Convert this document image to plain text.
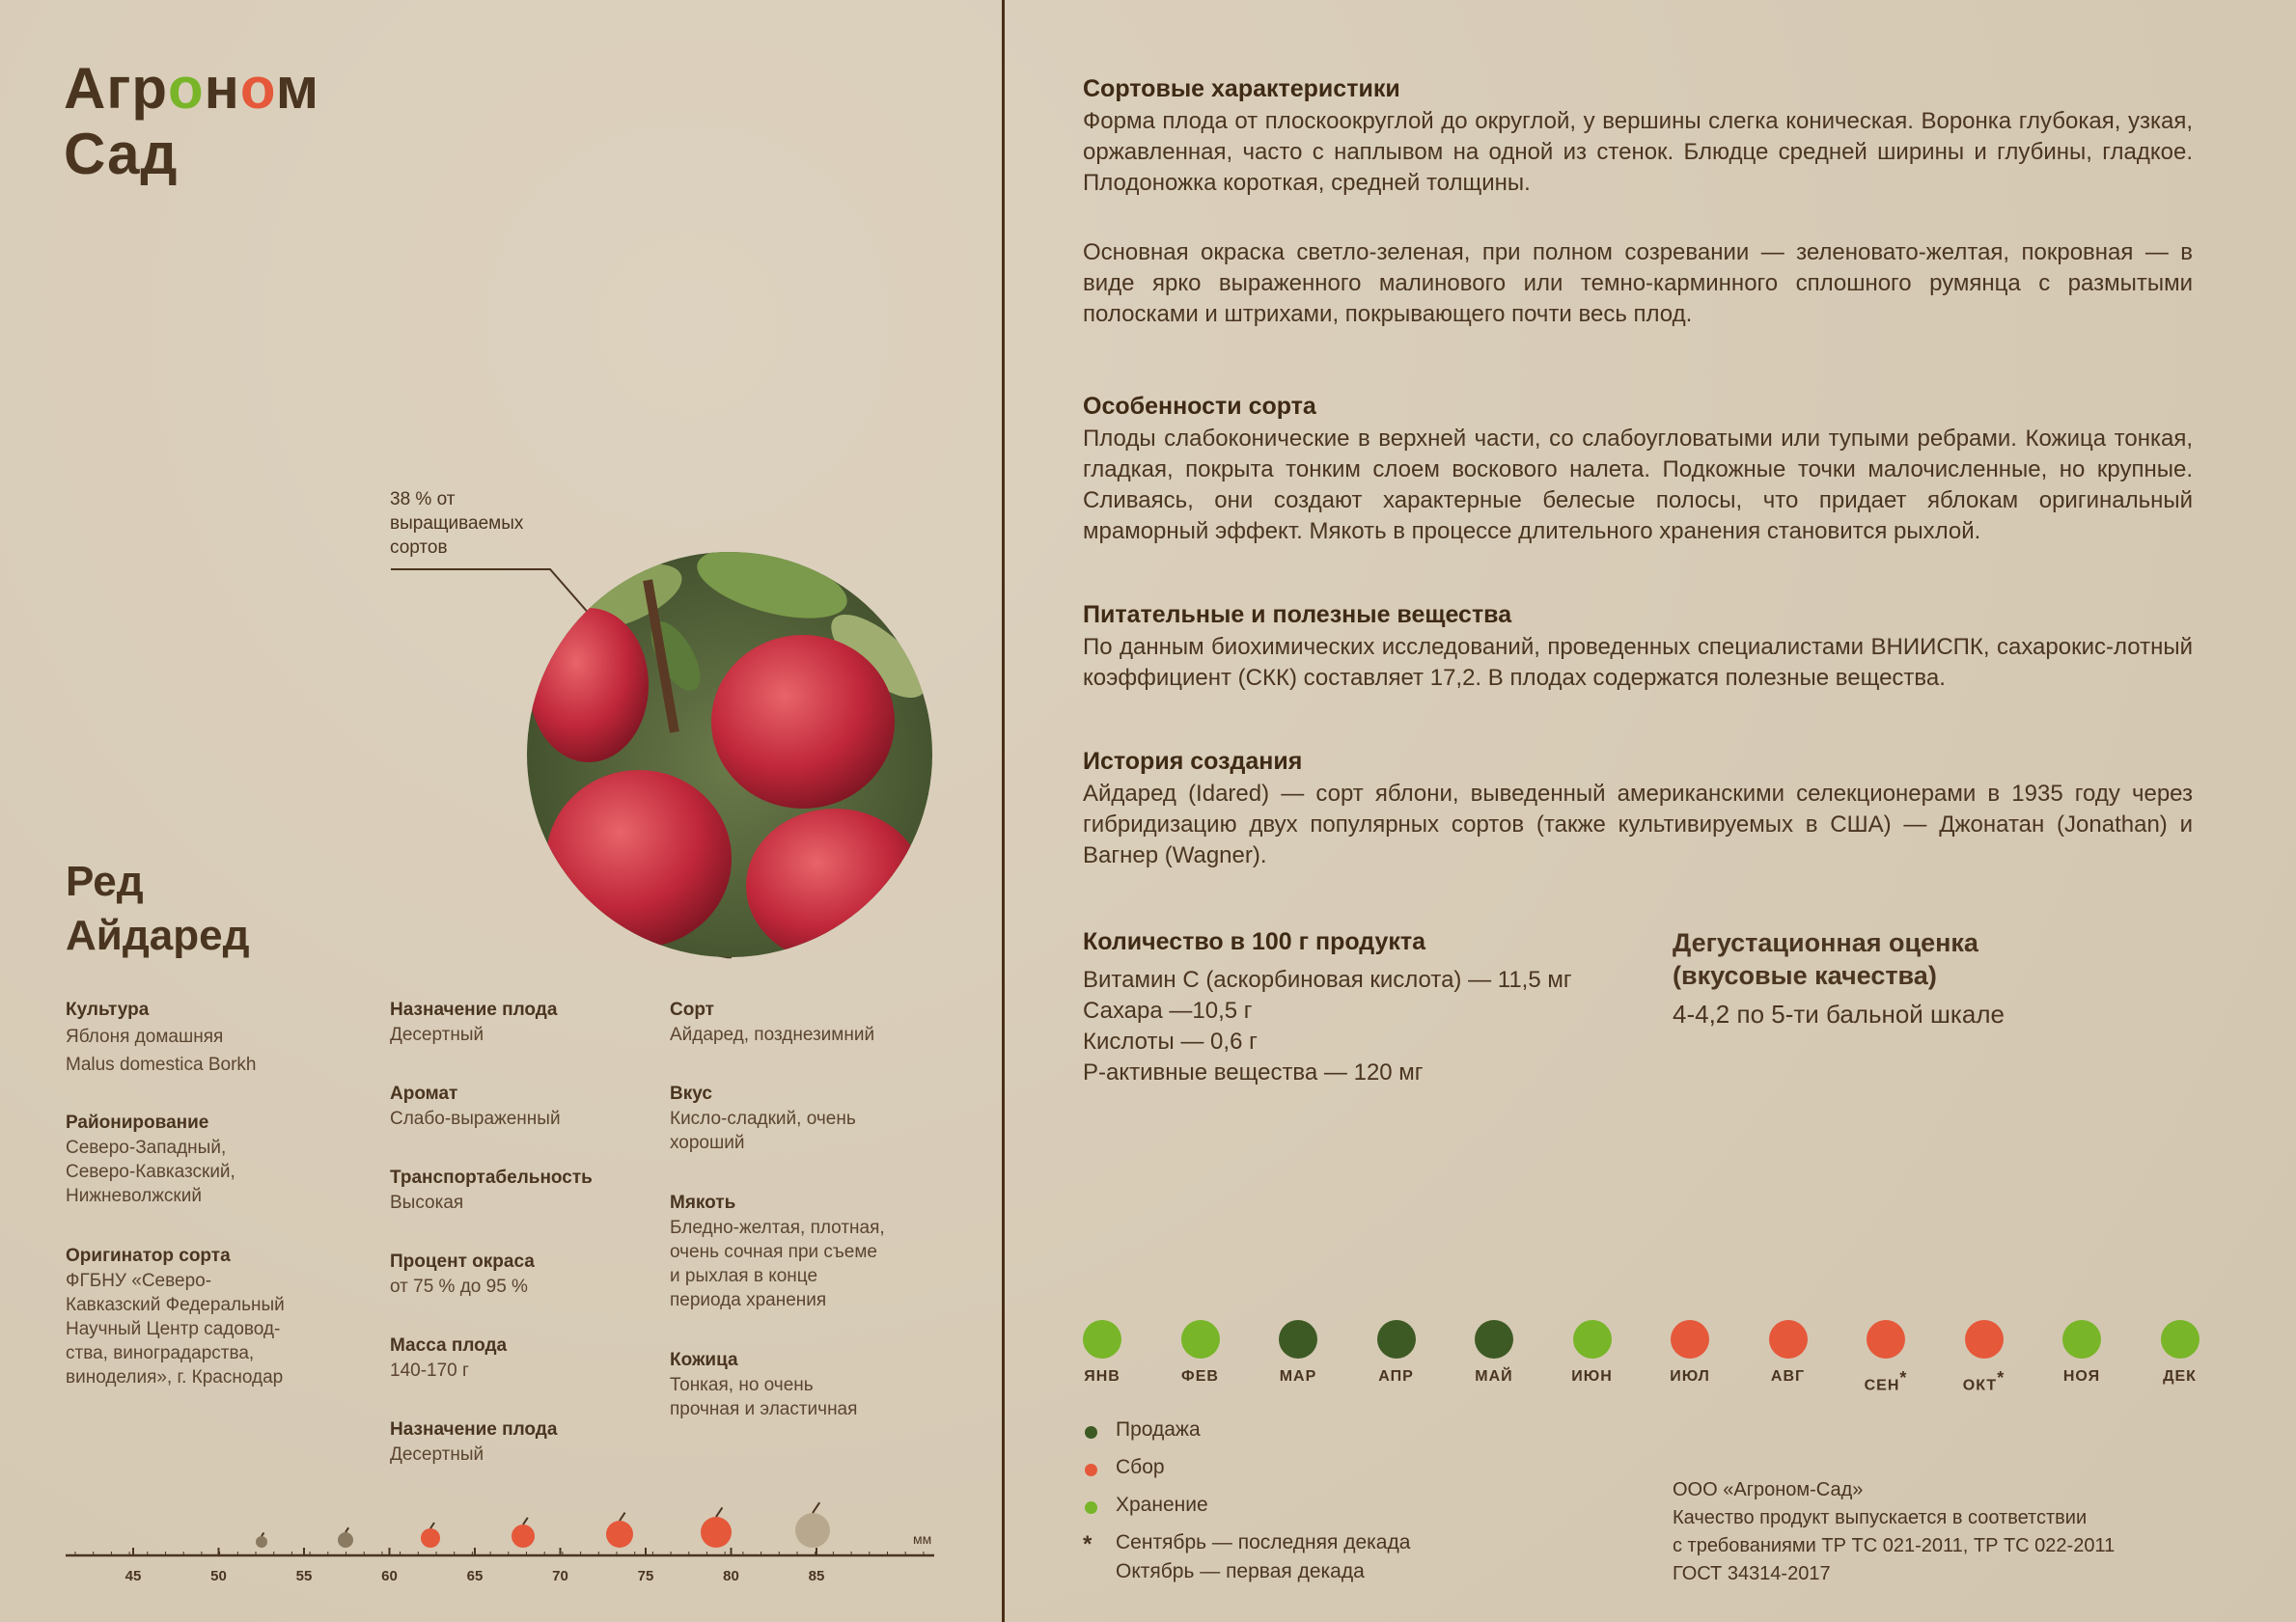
Агроном
Сад
38 % от выращиваемых сортов
Ред
Айдаред
Культура
Яблоня домашняя
Malus domestica Borkh
Районирование
Северо-Западный,
Северо-Кавказский,
Нижневолжский
Оригинатор сорта
ФГБНУ «Северо-
Кавказский Федеральный
Научный Центр садовод-
ства, виноградарства,
виноделия», г. Краснодар
Назначение плода
Десертный
Аромат
Слабо-выраженный
Транспортабельность
Высокая
Процент окраса
от 75 % до 95 %
Масса плода
140-170 г
Назначение плода
Десертный
Сорт
Айдаред, позднезимний
Вкус
Кисло-сладкий, очень
хороший
Мякоть
Бледно-желтая, плотная,
очень сочная при съеме
и рыхлая в конце
периода хранения
Кожица
Тонкая, но очень
прочная и эластичная
45	50	55	60	65	70	75	80	85
мм
Сортовые характеристики
Форма плода от плоскоокруглой до округлой, у вершины слегка коническая. Воронка глубокая, узкая, оржавленная, часто с наплывом на одной из стенок. Блюдце средней ширины и глубины, гладкое. Плодоножка короткая, средней толщины.
Основная окраска светло-зеленая, при полном созревании — зеленовато-желтая, покровная — в виде ярко выраженного малинового или темно-карминного сплошного румянца с размытыми полосками и штрихами, покрывающего почти весь плод.
Особенности сорта
Плоды слабоконические в верхней части, со слабоугловатыми или тупыми ребрами. Кожица тонкая, гладкая, покрыта тонким слоем воскового налета. Подкожные точки малочисленные, но крупные. Сливаясь, они создают характерные белесые полосы, что придает яблокам оригинальный мраморный эффект. Мякоть в процессе длительного хранения становится рыхлой.
Питательные и полезные вещества
По данным биохимических исследований, проведенных специалистами ВНИИСПК, сахарокис-лотный коэффициент (СКК) составляет 17,2. В плодах содержатся полезные вещества.
История создания
Айдаред (Idared) — сорт яблони, выведенный американскими селекционерами в 1935 году через гибридизацию двух популярных сортов (также культивируемых в США) — Джонатан (Jonathan) и Вагнер (Wagner).
Количество в 100 г продукта
Витамин С (аскорбиновая кислота) — 11,5 мг
Сахара —10,5 г
Кислоты — 0,6 г
Р-активные вещества — 120 мг
Дегустационная оценка
(вкусовые качества)
4-4,2 по 5-ти бальной шкале
ЯНВ	ФЕВ	МАР	АПР	МАЙ	ИЮН	ИЮЛ	АВГ
СЕН*	ОКТ*	НОЯ	ДЕК
Продажа
Сбор
Хранение
* Сентябрь — последняя декада
Октябрь — первая декада
ООО «Агроном-Сад»
Качество продукт выпускается в соответствии
с требованиями ТР ТС 021-2011, ТР ТС 022-2011
ГОСТ 34314-2017
